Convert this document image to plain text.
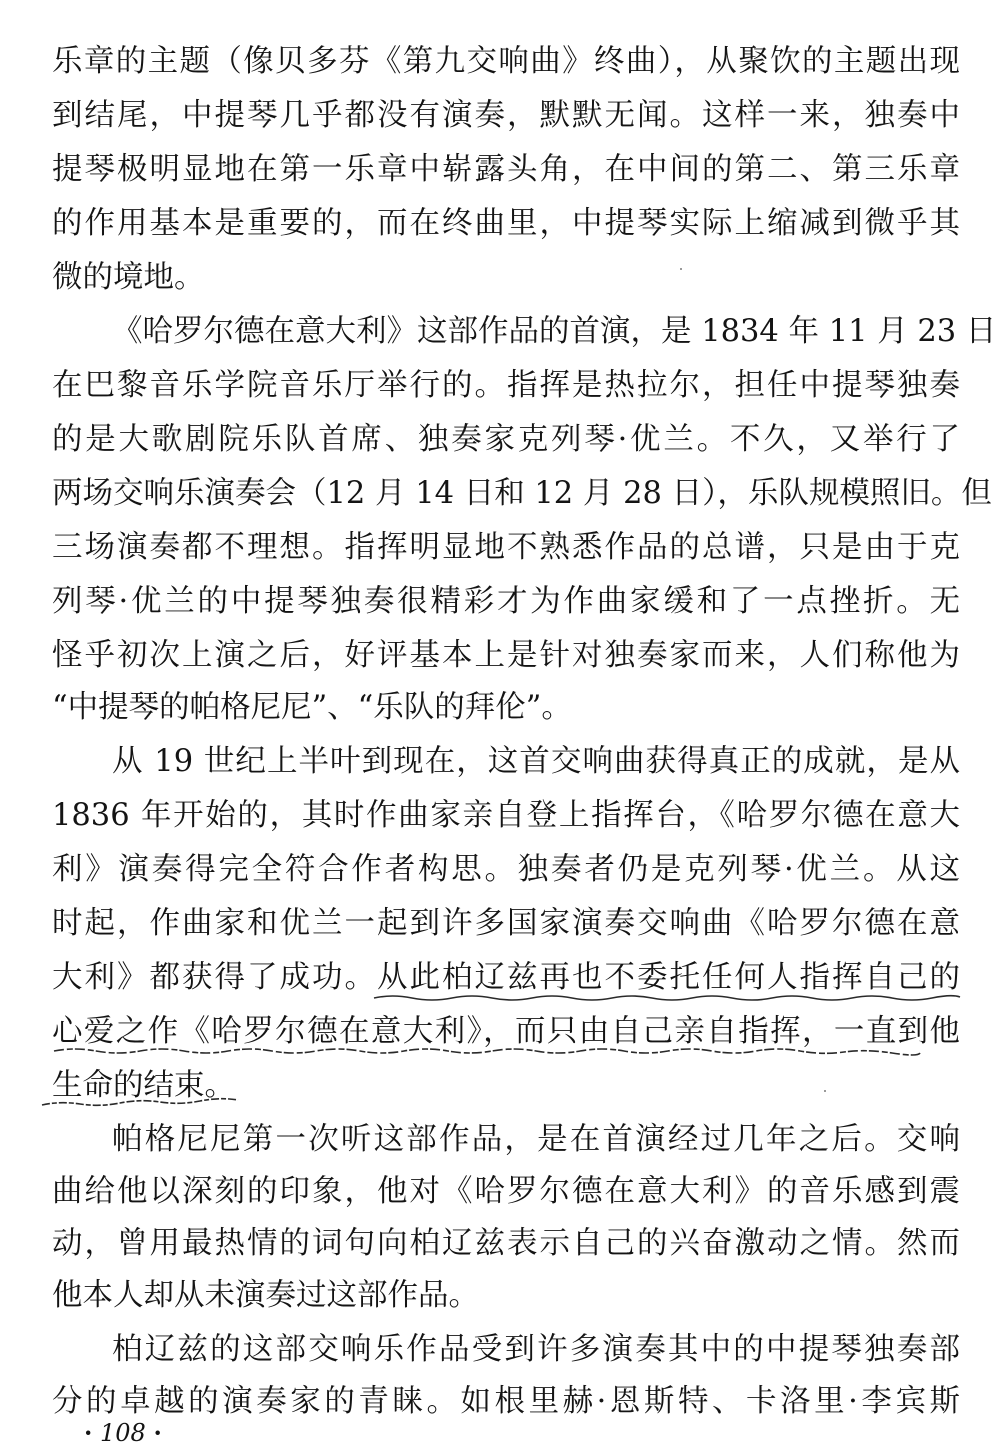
乐章的主题（像贝多芬《第九交响曲》终曲），从聚饮的主题出现
到结尾，中提琴几乎都没有演奏，默默无闻。这样一来，独奏中
提琴极明显地在第一乐章中崭露头角，在中间的第二、第三乐章
的作用基本是重要的，而在终曲里，中提琴实际上缩减到微乎其
微的境地。
《哈罗尔德在意大利》这部作品的首演，是 1834 年 11 月 23 日
在巴黎音乐学院音乐厅举行的。指挥是热拉尔，担任中提琴独奏
的是大歌剧院乐队首席、独奏家克列琴·优兰。不久，又举行了
两场交响乐演奏会（12 月 14 日和 12 月 28 日），乐队规模照旧。但
三场演奏都不理想。指挥明显地不熟悉作品的总谱，只是由于克
列琴·优兰的中提琴独奏很精彩才为作曲家缓和了一点挫折。无
怪乎初次上演之后，好评基本上是针对独奏家而来，人们称他为
“中提琴的帕格尼尼”、“乐队的拜伦”。
从 19 世纪上半叶到现在，这首交响曲获得真正的成就，是从
1836 年开始的，其时作曲家亲自登上指挥台，《哈罗尔德在意大
利》演奏得完全符合作者构思。独奏者仍是克列琴·优兰。从这
时起，作曲家和优兰一起到许多国家演奏交响曲《哈罗尔德在意
大利》都获得了成功。从此柏辽兹再也不委托任何人指挥自己的
心爱之作《哈罗尔德在意大利》，而只由自己亲自指挥，一直到他
生命的结束。
帕格尼尼第一次听这部作品，是在首演经过几年之后。交响
曲给他以深刻的印象，他对《哈罗尔德在意大利》的音乐感到震
动，曾用最热情的词句向柏辽兹表示自己的兴奋激动之情。然而
他本人却从未演奏过这部作品。
柏辽兹的这部交响乐作品受到许多演奏其中的中提琴独奏部
分的卓越的演奏家的青睐。如根里赫·恩斯特、卡洛里·李宾斯
· 108 ·
